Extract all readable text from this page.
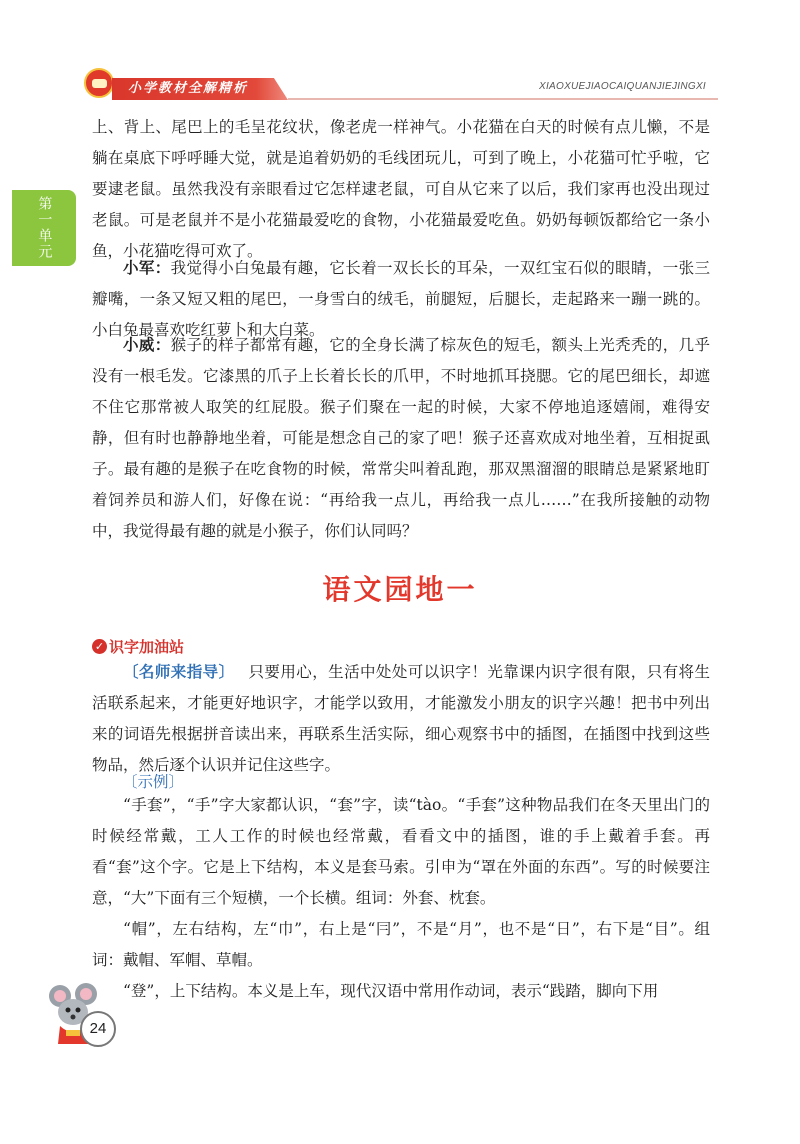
小学教材全解精析	XIAOXUEJIAOCAIQUANJIEJINGXI
第一单元

上、背上、尾巴上的毛呈花纹状，像老虎一样神气。小花猫在白天的时候有点儿懒，不是躺在桌底下呼呼睡大觉，就是追着奶奶的毛线团玩儿，可到了晚上，小花猫可忙乎啦，它要逮老鼠。虽然我没有亲眼看过它怎样逮老鼠，可自从它来了以后，我们家再也没出现过老鼠。可是老鼠并不是小花猫最爱吃的食物，小花猫最爱吃鱼。奶奶每顿饭都给它一条小鱼，小花猫吃得可欢了。

小军：我觉得小白兔最有趣，它长着一双长长的耳朵，一双红宝石似的眼睛，一张三瓣嘴，一条又短又粗的尾巴，一身雪白的绒毛，前腿短，后腿长，走起路来一蹦一跳的。小白兔最喜欢吃红萝卜和大白菜。

小威：猴子的样子都常有趣，它的全身长满了棕灰色的短毛，额头上光秃秃的，几乎没有一根毛发。它漆黑的爪子上长着长长的爪甲，不时地抓耳挠腮。它的尾巴细长，却遮不住它那常被人取笑的红屁股。猴子们聚在一起的时候，大家不停地追逐嬉闹，难得安静，但有时也静静地坐着，可能是想念自己的家了吧！猴子还喜欢成对地坐着，互相捉虱子。最有趣的是猴子在吃食物的时候，常常尖叫着乱跑，那双黑溜溜的眼睛总是紧紧地盯着饲养员和游人们，好像在说：“再给我一点儿，再给我一点儿……”在我所接触的动物中，我觉得最有趣的就是小猴子，你们认同吗？

语文园地一
✓ 识字加油站

〔名师来指导〕 只要用心，生活中处处可以识字！光靠课内识字很有限，只有将生活联系起来，才能更好地识字，才能学以致用，才能激发小朋友的识字兴趣！把书中列出来的词语先根据拼音读出来，再联系生活实际，细心观察书中的插图，在插图中找到这些物品，然后逐个认识并记住这些字。

〔示例〕

“手套”，“手”字大家都认识，“套”字，读“tào。“手套”这种物品我们在冬天里出门的时候经常戴，工人工作的时候也经常戴，看看文中的插图，谁的手上戴着手套。再看“套”这个字。它是上下结构，本义是套马索。引申为“罩在外面的东西”。写的时候要注意，“大”下面有三个短横，一个长横。组词：外套、枕套。

“帽”，左右结构，左“巾”，右上是“冃”，不是“月”，也不是“日”，右下是“目”。组词：戴帽、军帽、草帽。

“登”，上下结构。本义是上车，现代汉语中常用作动词，表示“践踏，脚向下用

24
